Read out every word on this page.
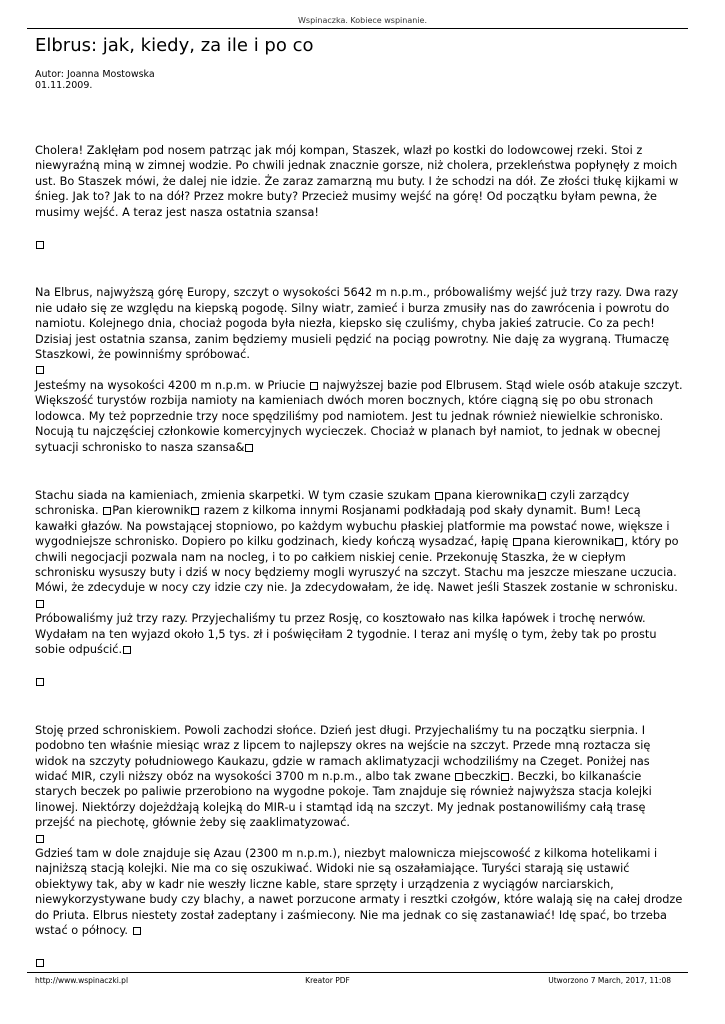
Wspinaczka. Kobiece wspinanie.
Elbrus: jak, kiedy, za ile i po co
Autor: Joanna Mostowska
01.11.2009.

Cholera! Zaklęłam pod nosem patrząc jak mój kompan, Staszek, wlazł po kostki do lodowcowej rzeki. Stoi z niewyraźną miną w zimnej wodzie. Po chwili jednak znacznie gorsze, niż cholera, przekleństwa popłynęły z moich ust. Bo Staszek mówi, że dalej nie idzie. Że zaraz zamarzną mu buty. I że schodzi na dół. Ze złości tłukę kijkami w śnieg. Jak to? Jak to na dół? Przez mokre buty? Przecież musimy wejść na górę! Od początku byłam pewna, że musimy wejść. A teraz jest nasza ostatnia szansa!

Na Elbrus, najwyższą górę Europy, szczyt o wysokości 5642 m n.p.m., próbowaliśmy wejść już trzy razy. Dwa razy nie udało się ze względu na kiepską pogodę. Silny wiatr, zamieć i burza zmusiły nas do zawrócenia i powrotu do namiotu. Kolejnego dnia, chociaż pogoda była niezła, kiepsko się czuliśmy, chyba jakieś zatrucie. Co za pech! Dzisiaj jest ostatnia szansa, zanim będziemy musieli pędzić na pociąg powrotny. Nie daję za wygraną. Tłumaczę Staszkowi, że powinniśmy spróbować.

Jesteśmy na wysokości 4200 m n.p.m. w Priucie  najwyższej bazie pod Elbrusem. Stąd wiele osób atakuje szczyt. Większość turystów rozbija namioty na kamieniach dwóch moren bocznych, które ciągną się po obu stronach lodowca. My też poprzednie trzy noce spędziliśmy pod namiotem. Jest tu jednak również niewielkie schronisko. Nocują tu najczęściej członkowie komercyjnych wycieczek. Chociaż w planach był namiot, to jednak w obecnej sytuacji schronisko to nasza szansa&

Stachu siada na kamieniach, zmienia skarpetki. W tym czasie szukam pana kierownika czyli zarządcy schroniska. Pan kierownik razem z kilkoma innymi Rosjanami podkładają pod skały dynamit. Bum! Lecą kawałki głazów. Na powstającej stopniowo, po każdym wybuchu płaskiej platformie ma powstać nowe, większe i wygodniejsze schronisko. Dopiero po kilku godzinach, kiedy kończą wysadzać, łapię pana kierownika , który po chwili negocjacji pozwala nam na nocleg, i to po całkiem niskiej cenie. Przekonuję Staszka, że w ciepłym schronisku wysuszy buty i dziś w nocy będziemy mogli wyruszyć na szczyt. Stachu ma jeszcze mieszane uczucia. Mówi, że zdecyduje w nocy czy idzie czy nie. Ja zdecydowałam, że idę. Nawet jeśli Staszek zostanie w schronisku.

Próbowaliśmy już trzy razy. Przyjechaliśmy tu przez Rosję, co kosztowało nas kilka łapówek i trochę nerwów. Wydałam na ten wyjazd około 1,5 tys. zł i poświęciłam 2 tygodnie. I teraz ani myślę o tym, żeby tak po prostu sobie odpuścić.

Stoję przed schroniskiem. Powoli zachodzi słońce. Dzień jest długi. Przyjechaliśmy tu na początku sierpnia. I podobno ten właśnie miesiąc wraz z lipcem to najlepszy okres na wejście na szczyt. Przede mną roztacza się widok na szczyty południowego Kaukazu, gdzie w ramach aklimatyzacji wchodziliśmy na Czeget. Poniżej nas widać MIR, czyli niższy obóz na wysokości 3700 m n.p.m., albo tak zwane beczki . Beczki, bo kilkanaście starych beczek po paliwie przerobiono na wygodne pokoje. Tam znajduje się również najwyższa stacja kolejki linowej. Niektórzy dojeżdżają kolejką do MIR-u i stamtąd idą na szczyt. My jednak postanowiliśmy całą trasę przejść na piechotę, głównie żeby się zaaklimatyzować.

Gdzieś tam w dole znajduje się Azau (2300 m n.p.m.), niezbyt malownicza miejscowość z kilkoma hotelikami i najniższą stacją kolejki. Nie ma co się oszukiwać. Widoki nie są oszałamiające. Turyści starają się ustawić obiektywy tak, aby w kadr nie weszły liczne kable, stare sprzęty i urządzenia z wyciągów narciarskich, niewykorzystywane budy czy blachy, a nawet porzucone armaty i resztki czołgów, które walają się na całej drodze do Priuta. Elbrus niestety został zadeptany i zaśmiecony. Nie ma jednak co się zastanawiać! Idę spać, bo trzeba wstać o północy.

http://www.wspinaczki.pl	Kreator PDF	Utworzono 7 March, 2017, 11:08
